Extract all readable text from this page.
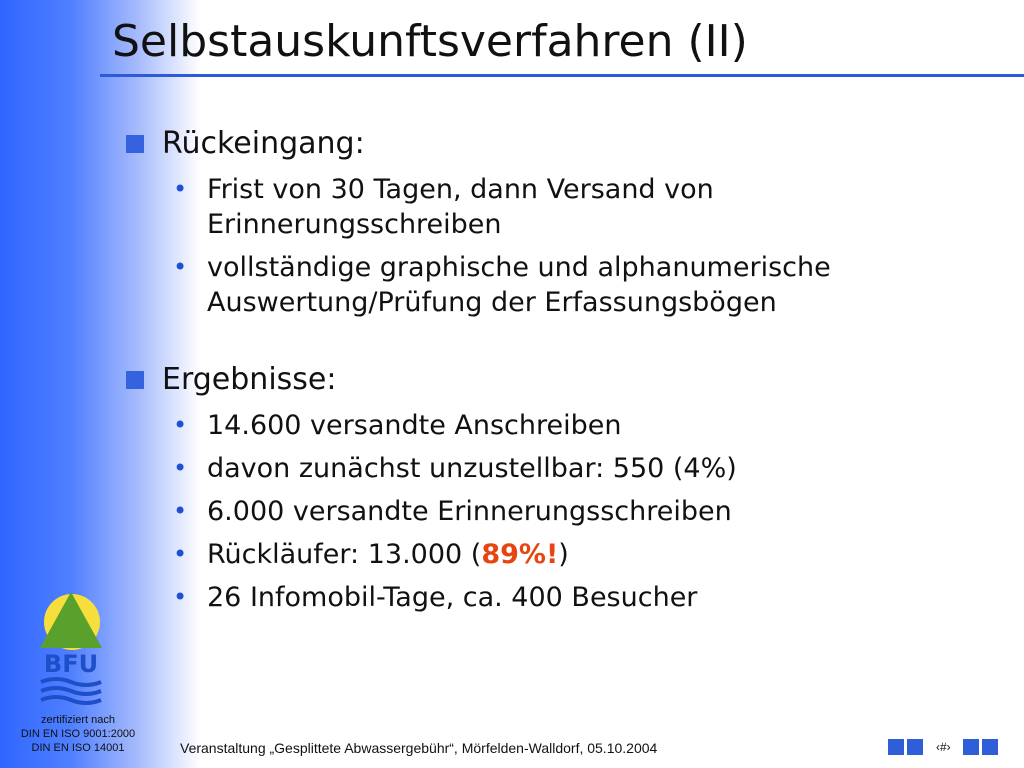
Selbstauskunftsverfahren (II)
Rückeingang:
• Frist von 30 Tagen, dann Versand von Erinnerungsschreiben
• vollständige graphische und alphanumerische Auswertung/Prüfung der Erfassungsbögen
Ergebnisse:
• 14.600 versandte Anschreiben
• davon zunächst unzustellbar: 550 (4%)
• 6.000 versandte Erinnerungsschreiben
• Rückläufer: 13.000 (89%!)
• 26 Infomobil-Tage, ca. 400 Besucher
BFU
zertifiziert nach
DIN EN ISO 9001:2000
DIN EN ISO 14001	Veranstaltung „Gesplittete Abwassergebühr“, Mörfelden-Walldorf, 05.10.2004	‹#›
